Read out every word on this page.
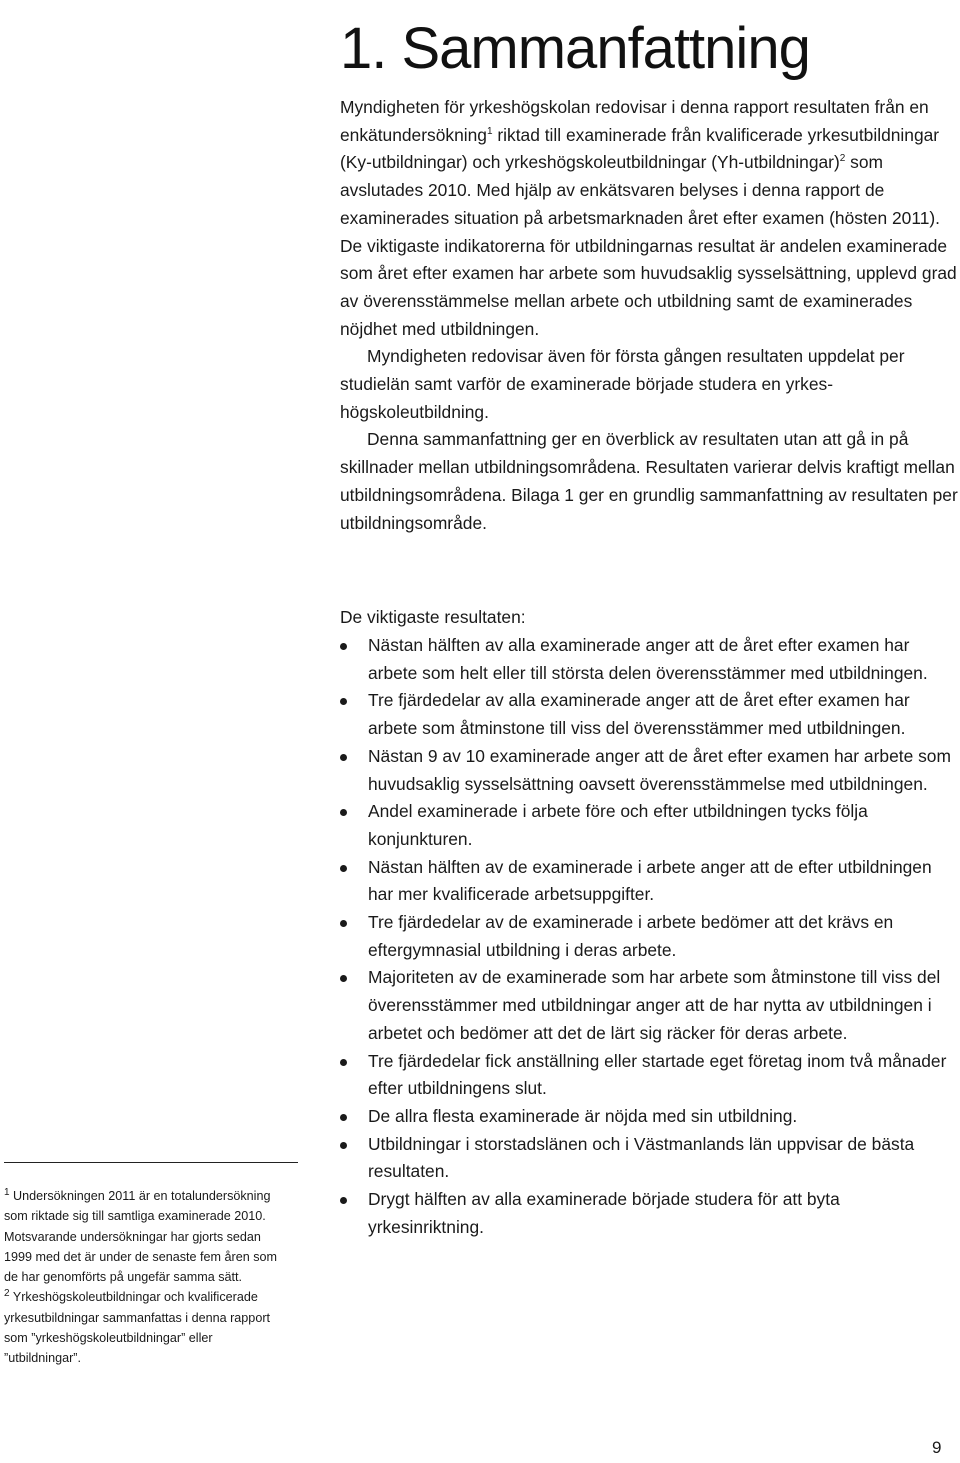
1. Sammanfattning

Myndigheten för yrkeshögskolan redovisar i denna rapport resultaten från en enkätundersökning$^1$ riktad till examinerade från kvalificerade yrkesutbildningar (Ky-utbildningar) och yrkeshögskoleutbildningar (Yh-utbildningar)$^2$ som avslutades 2010. Med hjälp av enkätsvaren belyses i denna rapport de examinerades situation på arbetsmarknaden året efter examen (hösten 2011). De viktigaste indikatorerna för utbildningarnas resultat är andelen examinerade som året efter examen har arbete som huvudsaklig sysselsättning, upplevd grad av överensstämmelse mellan arbete och utbildning samt de examinerades nöjdhet med utbildningen.

Myndigheten redovisar även för första gången resultaten uppdelat per studielän samt varför de examinerade började studera en yrkeshögskoleutbildning.

Denna sammanfattning ger en överblick av resultaten utan att gå in på skillnader mellan utbildningsområdena. Resultaten varierar delvis kraftigt mellan utbildningsområdena. Bilaga 1 ger en grundlig sammanfattning av resultaten per utbildningsområde.

De viktigaste resultaten:

Nästan hälften av alla examinerade anger att de året efter examen har arbete som helt eller till största delen överensstämmer med utbildningen.
Tre fjärdedelar av alla examinerade anger att de året efter examen har arbete som åtminstone till viss del överensstämmer med utbildningen.
Nästan 9 av 10 examinerade anger att de året efter examen har arbete som huvudsaklig sysselsättning oavsett överensstämmelse med utbildningen.
Andel examinerade i arbete före och efter utbildningen tycks följa konjunkturen.
Nästan hälften av de examinerade i arbete anger att de efter utbildningen har mer kvalificerade arbetsuppgifter.
Tre fjärdedelar av de examinerade i arbete bedömer att det krävs en eftergymnasial utbildning i deras arbete.
Majoriteten av de examinerade som har arbete som åtminstone till viss del överensstämmer med utbildningar anger att de har nytta av utbildningen i arbetet och bedömer att det de lärt sig räcker för deras arbete.
Tre fjärdedelar fick anställning eller startade eget företag inom två månader efter utbildningens slut.
De allra flesta examinerade är nöjda med sin utbildning.
Utbildningar i storstadslänen och i Västmanlands län uppvisar de bästa resultaten.
Drygt hälften av alla examinerade började studera för att byta yrkesinriktning.

$^1$ Undersökningen 2011 är en totalundersökning som riktade sig till samtliga examinerade 2010. Motsvarande undersökningar har gjorts sedan 1999 med det är under de senaste fem åren som de har genomförts på ungefär samma sätt.

$^2$ Yrkeshögskoleutbildningar och kvalificerade yrkesutbildningar sammanfattas i denna rapport som ”yrkeshögskoleutbildningar” eller ”utbildningar”.

9
